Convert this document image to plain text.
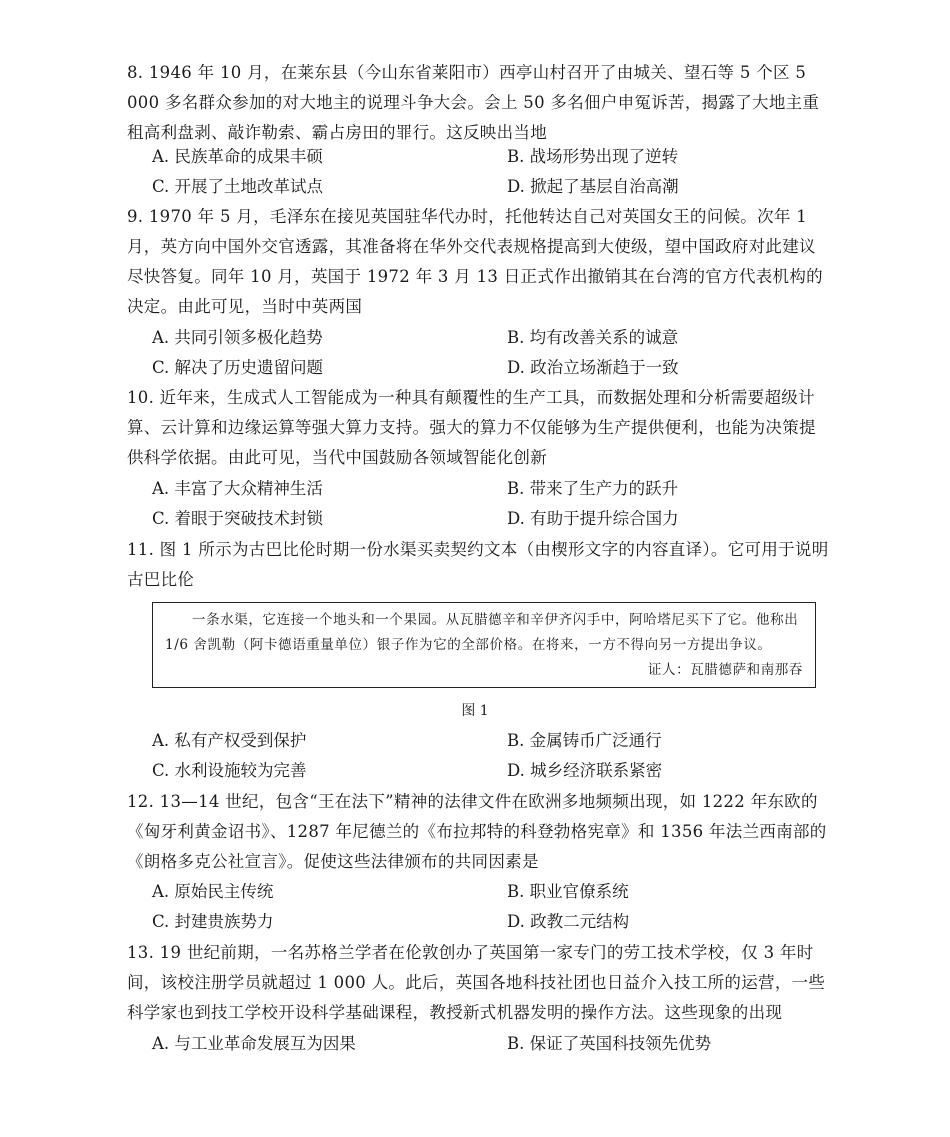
8. 1946 年 10 月，在莱东县（今山东省莱阳市）西亭山村召开了由城关、望石等 5 个区 5 000 多名群众参加的对大地主的说理斗争大会。会上 50 多名佃户申冤诉苦，揭露了大地主重租高利盘剥、敲诈勒索、霸占房田的罪行。这反映出当地
A. 民族革命的成果丰硕	B. 战场形势出现了逆转
C. 开展了土地改革试点	D. 掀起了基层自治高潮
9. 1970 年 5 月，毛泽东在接见英国驻华代办时，托他转达自己对英国女王的问候。次年 1 月，英方向中国外交官透露，其准备将在华外交代表规格提高到大使级，望中国政府对此建议尽快答复。同年 10 月，英国于 1972 年 3 月 13 日正式作出撤销其在台湾的官方代表机构的决定。由此可见，当时中英两国
A. 共同引领多极化趋势	B. 均有改善关系的诚意
C. 解决了历史遗留问题	D. 政治立场渐趋于一致
10. 近年来，生成式人工智能成为一种具有颠覆性的生产工具，而数据处理和分析需要超级计算、云计算和边缘运算等强大算力支持。强大的算力不仅能够为生产提供便利，也能为决策提供科学依据。由此可见，当代中国鼓励各领域智能化创新
A. 丰富了大众精神生活	B. 带来了生产力的跃升
C. 着眼于突破技术封锁	D. 有助于提升综合国力
11. 图 1 所示为古巴比伦时期一份水渠买卖契约文本（由楔形文字的内容直译）。它可用于说明古巴比伦
一条水渠，它连接一个地头和一个果园。从瓦腊德辛和辛伊齐闪手中，阿哈塔尼买下了它。他称出 1/6 舍凯勒（阿卡德语重量单位）银子作为它的全部价格。在将来，一方不得向另一方提出争议。
证人：瓦腊德萨和南那吞
图 1
A. 私有产权受到保护	B. 金属铸币广泛通行
C. 水利设施较为完善	D. 城乡经济联系紧密
12. 13—14 世纪，包含“王在法下”精神的法律文件在欧洲多地频频出现，如 1222 年东欧的《匈牙利黄金诏书》、1287 年尼德兰的《布拉邦特的科登勃格宪章》和 1356 年法兰西南部的《朗格多克公社宣言》。促使这些法律颁布的共同因素是
A. 原始民主传统	B. 职业官僚系统
C. 封建贵族势力	D. 政教二元结构
13. 19 世纪前期，一名苏格兰学者在伦敦创办了英国第一家专门的劳工技术学校，仅 3 年时间，该校注册学员就超过 1 000 人。此后，英国各地科技社团也日益介入技工所的运营，一些科学家也到技工学校开设科学基础课程，教授新式机器发明的操作方法。这些现象的出现
A. 与工业革命发展互为因果	B. 保证了英国科技领先优势
